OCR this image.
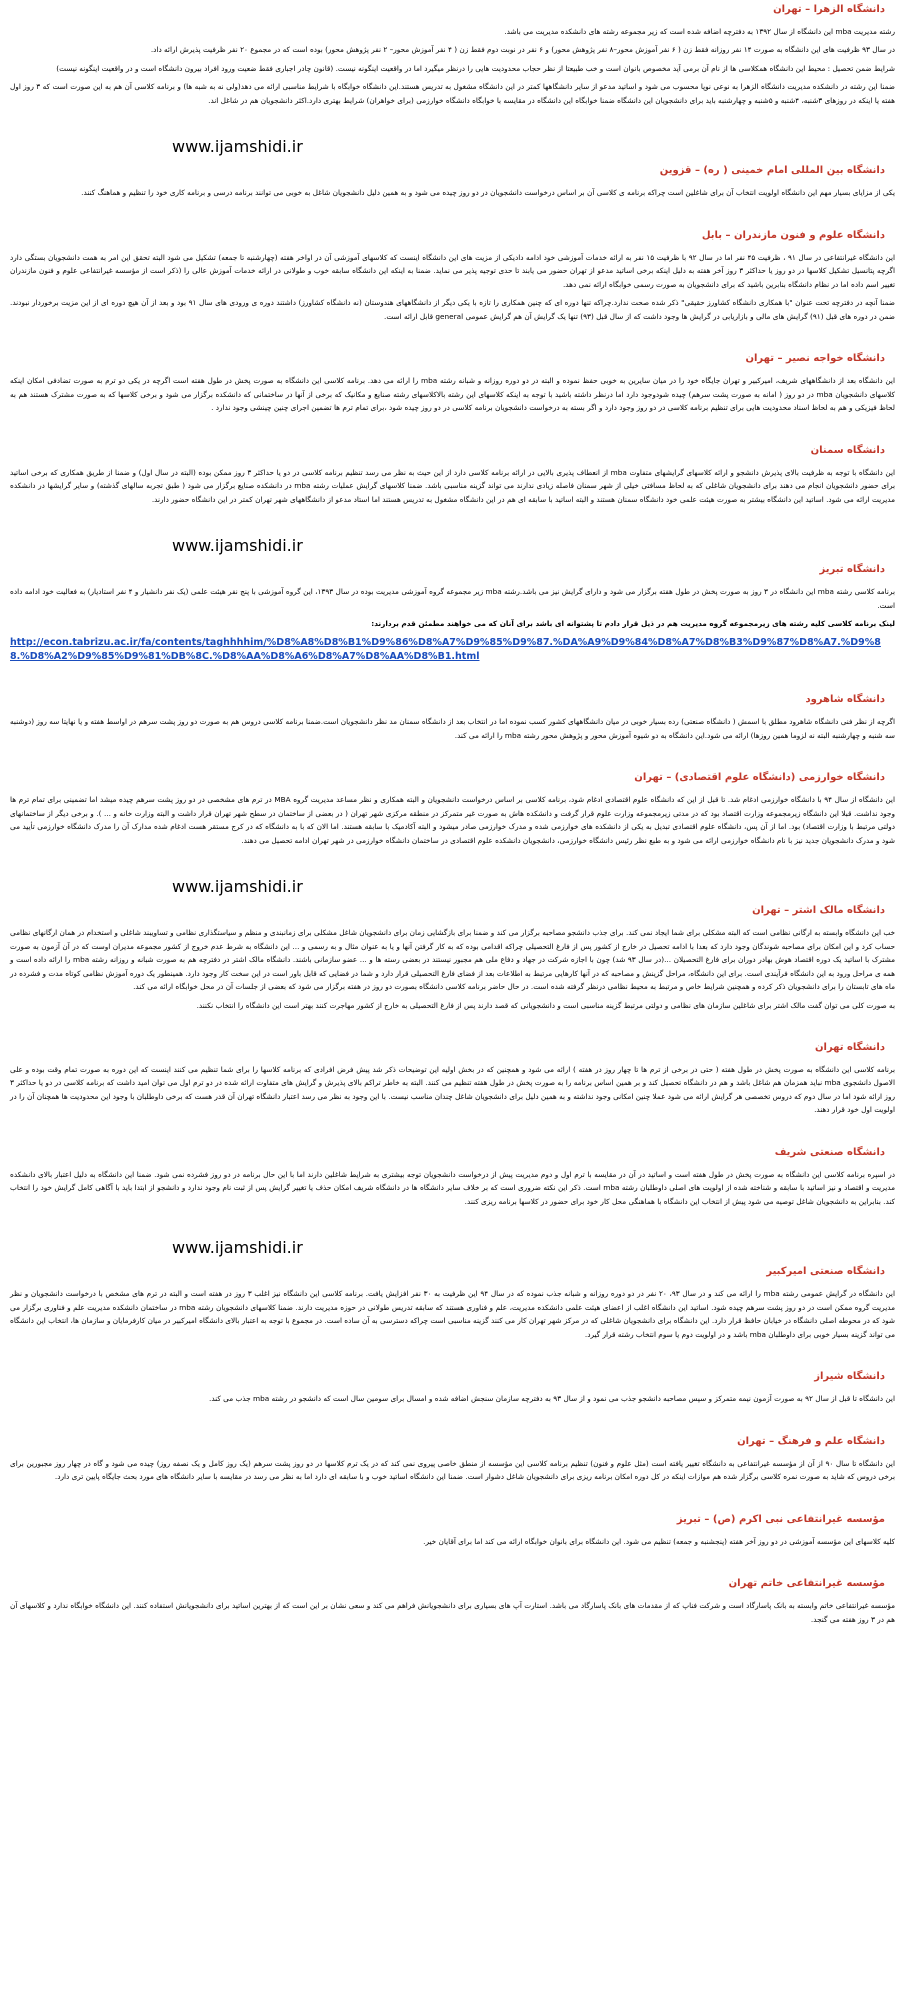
دانشگاه الزهرا – تهران

رشته مدیریت mba این دانشگاه از سال ۱۳۹۲ به دفترچه اضافه شده است که زیر مجموعه رشته های دانشکده مدیریت می باشد.

در سال ۹۳ ظرفیت های این دانشگاه به صورت ۱۴ نفر روزانه فقط زن ( ۶ نفر آموزش محور–۸ نفر پژوهش محور) و ۶ نفر در نوبت دوم فقط زن ( ۴ نفر آموزش محور– ۲ نفر پژوهش محور) بوده است که در مجموع ۲۰ نفر ظرفیت پذیرش ارائه داد.

شرایط ضمن تحصیل : محیط این دانشگاه همکلاسی ها از نام آن برمی آید مخصوص بانوان است و خب طبیعتا از نظر حجاب محدودیت هایی را درنظر میگیرد اما در واقعیت اینگونه نیست. (قانون چادر اجباری فقط ضعیت ورود افراد بیرون دانشگاه است و در واقعیت اینگونه نیست)

ضمنا این رشته در دانشکده مدیریت دانشگاه الزهرا به نوعی نوپا محسوب می شود و اساتید مدعو از سایر دانشگاهها کمتر در این دانشگاه مشغول به تدریس هستند.این دانشگاه خوابگاه با شرایط مناسبی ارائه می دهد(ولی نه به شبه ها) و برنامه کلاسی آن هم به این صورت است که ۳ روز اول هفته یا اینکه در روزهای ۳شنبه، ۴شنبه و ۵شنبه و چهارشنبه باید برای دانشجویان این دانشگاه ضمنا خوابگاه این دانشگاه در مقایسه با خوابگاه دانشگاه خوارزمی (برای خواهران) شرایط بهتری دارد.اکثر دانشجویان هم در شاغل اند.

www.ijamshidi.ir
دانشگاه بین المللی امام خمینی ( ره) – قزوین

یکی از مزایای بسیار مهم این دانشگاه اولویت انتخاب آن برای شاغلین است چراکه برنامه ی کلاسی آن بر اساس درخواست دانشجویان در دو روز چیده می شود و به همین دلیل دانشجویان شاغل به خوبی می توانند برنامه درسی و برنامه کاری خود را تنظیم و هماهنگ کنند.

دانشگاه علوم و فنون مازندران – بابل

این دانشگاه غیرانتفاعی در سال ۹۱ ، ظرفیت ۴۵ نفر اما در سال ۹۲ با ظرفیت ۱۵ نفر به ارائه خدمات آموزشی خود ادامه دادیکی از مزیت های این دانشگاه اینست که کلاسهای آموزشی آن در اواخر هفته (چهارشنبه تا جمعه) تشکیل می شود البته تحقق این امر به همت دانشجویان بستگی دارد اگرچه پتانسیل تشکیل کلاسها در دو روز یا حداکثر ۳ روز آخر هفته به دلیل اینکه برخی اساتید مدعو از تهران حضور می یابند تا حدی توجیه پذیر می نماید. ضمنا به اینکه این دانشگاه سابقه خوب و طولانی در ارائه خدمات آموزش عالی را (ذکر است از مؤسسه غیرانتفاعی علوم و فنون مازندران تغییر اسم داده اما در نظام دانشگاه بنابرین باشید که برای دانشجویان به صورت رسمی خوابگاه ارائه نمی دهد.

ضمنا آنچه در دفترچه تحت عنوان "با همکاری دانشگاه کشاورز حقیقی" ذکر شده صحت ندارد.چراکه تنها دوره ای که چنین همکاری را تازه با یکی دیگر از دانشگاههای هندوستان (نه دانشگاه کشاورز) داشتند دوره ی ورودی های سال ۹۱ بود و بعد از آن هیچ دوره ای از این مزیت برخوردار نبودند. ضمن در دوره های قبل (۹۱) گرایش های مالی و بازاریابی در گرایش ها وجود داشت که از سال قبل (۹۳) تنها یک گرایش آن هم گرایش عمومی general قابل ارائه است.

دانشگاه خواجه نصیر – تهران

این دانشگاه بعد از دانشگاههای شریف، امیرکبیر و تهران جایگاه خود را در میان سایرین به خوبی حفظ نموده و البته در دو دوره روزانه و شبانه رشته mba را ارائه می دهد. برنامه کلاسی این دانشگاه به صورت پخش در طول هفته است اگرچه در یکی دو ترم به صورت تضادفی امکان اینکه کلاسهای دانشجویان mba در دو روز ( امانه به صورت پشت سرهم) چیده شودوجود دارد اما درنظر داشته باشید با توجه به اینکه کلاسهای این رشته بالاکلاسهای رشته صنایع و مکانیک که برخی از آنها در ساختمانی که دانشکده برگزار می شود و برخی کلاسها که به صورت مشترک هستند هم به لحاظ فیزیکی و هم به لحاظ اسناد محدودیت هایی برای تنظیم برنامه کلاسی در دو روز وجود دارد و اگر بسته به درخواست دانشجویان برنامه کلاسی در دو روز چیده شود ،برای تمام ترم ها تضمین اجرای چنین چینشی وجود ندارد .

دانشگاه سمنان

این دانشگاه با توجه به ظرفیت بالای پذیرش دانشجو و ارائه کلاسهای گرایشهای متفاوت mba از انعطاف پذیری بالایی در ارائه برنامه کلاسی دارد از این حیث به نظر می رسد تنظیم برنامه کلاسی در دو یا حداکثر ۳ روز ممکن بوده (البته در سال اول) و ضمنا از طریق همکاری که برخی اساتید برای حضور دانشجویان انجام می دهند برای دانشجویان شاغلی که به لحاظ مسافتی خیلی از شهر سمنان فاصله زیادی ندارند می تواند گزینه مناسبی باشد. ضمنا کلاسهای گرایش عملیات رشته mba در دانشکده صنایع برگزار می شود ( طبق تجربه سالهای گذشته) و سایر گرایشها در دانشکده مدیریت ارائه می شود. اساتید این دانشگاه بیشتر به صورت هیئت علمی خود دانشگاه سمنان هستند و البته اساتید با سابقه ای هم در این دانشگاه مشغول به تدریس هستند اما استاد مدعو از دانشگاههای شهر تهران کمتر در این دانشگاه حضور دارند.

www.ijamshidi.ir
دانشگاه تبریز

برنامه کلاسی رشته mba این دانشگاه در ۳ روز به صورت پخش در طول هفته برگزار می شود و دارای گرایش نیز می باشد.رشته mba زیر مجموعه گروه آموزشی مدیریت بوده در سال ۱۳۹۳، این گروه آموزشی با پنج نفر هیئت علمی (یک نفر دانشیار و ۴ نفر استادیار) به فعالیت خود ادامه داده است.

لینک برنامه کلاسی کلیه رشته های زیرمجموعه گروه مدیریت هم در ذیل قرار دادم تا پشتوانه ای باشد برای آنان که می خواهند مطمئن قدم بردارند:

http://econ.tabrizu.ac.ir/fa/contents/taghhhhim/%D8%A8%D8%B1%D9%86%D8%A7%D9%85%D9%87.%DA%A9%D9%84%D8%A7%D8%B3%D9%87%D8%A7.%D9%88.%D8%A2%D9%85%D9%81%DB%8C.%D8%AA%D8%A6%D8%A7%D8%AA%D8%B1.html
دانشگاه شاهرود

اگرچه از نظر فنی دانشگاه شاهرود مطلق با اسمش ( دانشگاه صنعتی) رده بسیار خوبی در میان دانشگاههای کشور کسب نموده اما در انتخاب بعد از دانشگاه سمنان مد نظر دانشجویان است.ضمنا برنامه کلاسی دروس هم به صورت دو روز پشت سرهم در اواسط هفته و یا نهایتا سه روز (دوشنبه سه شنبه و چهارشنبه البته نه لزوما همین روزها) ارائه می شود.این دانشگاه به دو شیوه آموزش محور و پژوهش محور رشته mba را ارائه می کند.

دانشگاه خوارزمی (دانشگاه علوم اقتصادی) – تهران

این دانشگاه از سال ۹۴ با دانشگاه خوارزمی ادغام شد. تا قبل از این که دانشگاه علوم اقتصادی ادغام شود، برنامه کلاسی بر اساس درخواست دانشجویان و البته همکاری و نظر مساعد مدیریت گروه MBA در ترم های مشخصی در دو روز پشت سرهم چیده میشد اما تضمینی برای تمام ترم ها وجود نداشت. قبلا این دانشگاه زیرمجموعه وزارت اقتصاد بود که در مدتی زیرمجموعه وزارت علوم قرار گرفت و دانشکده هاش به صورت غیر متمرکز در منطقه مرکزی شهر تهران ( در بعضی از ساختمان در سطح شهر تهران قرار داشت و البته وزارت خانه و ... ). و برخی دیگر از ساختمانهای دولتی مرتبط با وزارت اقتصاد) بود. اما از آن پس، دانشگاه علوم اقتصادی تبدیل به یکی از دانشکده های خوارزمی شده و مدرک خوارزمی صادر میشود و البته آکادمیک با سابقه هستند. اما الان که با به دانشگاه که در کرج مستقر هست ادغام شده مدارک آن را مدرک دانشگاه خوارزمی تأیید می شود و مدرک دانشجویان جدید نیز با نام دانشگاه خوارزمی ارائه می شود و به طبع نظر رئیس دانشگاه خوارزمی، دانشجویان دانشکده علوم اقتصادی در ساختمان دانشگاه خوارزمی در شهر تهران ادامه تحصیل می دهند.

www.ijamshidi.ir
دانشگاه مالک اشتر – تهران

خب این دانشگاه وابسته به ارگانی نظامی است که البته مشکلی برای شما ایجاد نمی کند. برای جذب دانشجو مصاحبه برگزار می کند و ضمنا برای بازگشایی زمان برای دانشجویان شاغل مشکلی برای زمانبندی و منظم و سیاستگذاری نظامی و تساویبند شاغلی و استخدام در همان ارگانهای نظامی حساب کرد و این امکان برای مصاحبه شوندگان وجود دارد که بعدا با ادامه تحصیل در خارج از کشور پس از فارغ التحصیلی چراکه اقدامی بوده که به کار گرفتن آنها و یا به عنوان مثال و به رسمی و ... این دانشگاه به شرط عدم خروج از کشور مجموعه مدیران اوست که در آن آزمون به صورت مشترک با اساتید یک دوره اقتصاد هوش بهادر دوران برای فارغ التحصیلان ...(در سال ۹۳ شد) چون با اجازه شرکت در جهاد و دفاع ملی هم مجبور نیستند در بعضی رسته ها و ... عضو سازمانی باشند. دانشگاه مالک اشتر در دفترچه هم به صورت شبانه و روزانه رشته mba را ارائه داده است و همه ی مراحل ورود به این دانشگاه فرآیندی است. برای این دانشگاه، مراحل گزینش و مصاحبه که در آنها کارهایی مرتبط به اطلاعات بعد از فضای فارغ التحصیلی قرار دارد و شما در فضایی که قابل باور است در این سخت کار وجود دارد. همینطور یک دوره آموزش نظامی کوتاه مدت و فشرده در ماه های تابستان را برای دانشجویان ذکر کرده و همچنین شرایط خاص و مرتبط به محیط نظامی درنظر گرفته شده است. در حال حاضر برنامه کلاسی دانشگاه بصورت دو روز در هفته برگزار می شود که بعضی از جلسات آن در محل خوابگاه ارائه می کند.

به صورت کلی می توان گفت مالک اشتر برای شاغلین سازمان های نظامی و دولتی مرتبط گزینه مناسبی است و دانشجویانی که قصد دارند پس از فارغ التحصیلی به خارج از کشور مهاجرت کنند بهتر است این دانشگاه را انتخاب نکنند.

دانشگاه تهران

برنامه کلاسی این دانشگاه به صورت پخش در طول هفته ( حتی در برخی از ترم ها تا چهار روز در هفته ) ارائه می شود و همچنین که در بخش اولیه این توضیحات ذکر شد پیش فرض افرادی که برنامه کلاسها را برای شما تنظیم می کنند اینست که این دوره به صورت تمام وقت بوده و علی الاصول دانشجوی mba نباید همزمان هم شاغل باشد و هم در دانشگاه تحصیل کند و بر همین اساس برنامه را به صورت پخش در طول هفته تنظیم می کنند. البته به خاطر تراکم بالای پذیرش و گرایش های متفاوت ارائه شده در دو ترم اول می توان امید داشت که برنامه کلاسی در دو یا حداکثر ۳ روز ارائه شود اما در سال دوم که دروس تخصصی هر گرایش ارائه می شود عملا چنین امکانی وجود نداشته و به همین دلیل برای دانشجویان شاغل چندان مناسب نیست. با این وجود به نظر می رسد اعتبار دانشگاه تهران آن قدر هست که برخی داوطلبان با وجود این محدودیت ها همچنان آن را در اولویت اول خود قرار دهند.

دانشگاه صنعتی شریف

در اسپره برنامه کلاسی این دانشگاه به صورت پخش در طول هفته است و اساتید در آن در مقایسه با ترم اول و دوم مدیریت پیش از درخواست دانشجویان توجه بیشتری به شرایط شاغلین دارند اما با این حال برنامه در دو روز فشرده نمی شود. ضمنا این دانشگاه به دلیل اعتبار بالای دانشکده مدیریت و اقتصاد و نیز اساتید با سابقه و شناخته شده از اولویت های اصلی داوطلبان رشته mba است. ذکر این نکته ضروری است که بر خلاف سایر دانشگاه ها در دانشگاه شریف امکان حذف یا تغییر گرایش پس از ثبت نام وجود ندارد و دانشجو از ابتدا باید با آگاهی کامل گرایش خود را انتخاب کند. بنابراین به دانشجویان شاغل توصیه می شود پیش از انتخاب این دانشگاه با هماهنگی محل کار خود برای حضور در کلاسها برنامه ریزی کنند.

www.ijamshidi.ir
دانشگاه صنعتی امیرکبیر

این دانشگاه در گرایش عمومی رشته mba را ارائه می کند و در سال ۹۳، ۲۰ نفر در دو دوره روزانه و شبانه جذب نموده که در سال ۹۴ این ظرفیت به ۳۰ نفر افزایش یافت. برنامه کلاسی این دانشگاه نیز اغلب ۳ روز در هفته است و البته در ترم های مشخص با درخواست دانشجویان و نظر مدیریت گروه ممکن است در دو روز پشت سرهم چیده شود. اساتید این دانشگاه اغلب از اعضای هیئت علمی دانشکده مدیریت، علم و فناوری هستند که سابقه تدریس طولانی در حوزه مدیریت دارند. ضمنا کلاسهای دانشجویان رشته mba در ساختمان دانشکده مدیریت علم و فناوری برگزار می شود که در محوطه اصلی دانشگاه در خیابان حافظ قرار دارد. این دانشگاه برای دانشجویان شاغلی که در مرکز شهر تهران کار می کنند گزینه مناسبی است چراکه دسترسی به آن ساده است. در مجموع با توجه به اعتبار بالای دانشگاه امیرکبیر در میان کارفرمایان و سازمان ها، انتخاب این دانشگاه می تواند گزینه بسیار خوبی برای داوطلبان mba باشد و در اولویت دوم یا سوم انتخاب رشته قرار گیرد.

دانشگاه شیراز

این دانشگاه تا قبل از سال ۹۲ به صورت آزمون نیمه متمرکز و سپس مصاحبه دانشجو جذب می نمود و از سال ۹۳ به دفترچه سازمان سنجش اضافه شده و امسال برای سومین سال است که دانشجو در رشته mba جذب می کند.

دانشگاه علم و فرهنگ – تهران

این دانشگاه تا سال ۹۰ از آن از مؤسسه غیرانتفاعی به دانشگاه تغییر یافته است (مثل علوم و فنون) تنظیم برنامه کلاسی این مؤسسه از منطق خاصی پیروی نمی کند که در یک ترم کلاسها در دو روز پشت سرهم (یک روز کامل و یک نصفه روز) چیده می شود و گاه در چهار روز مجبورین برای برخی دروس که شاید به صورت نمره کلاسی برگزار شده هم موازات اینکه در کل دوره امکان برنامه ریزی برای دانشجویان شاغل دشوار است. ضمنا این دانشگاه اساتید خوب و با سابقه ای دارد اما به نظر می رسد در مقایسه با سایر دانشگاه های مورد بحث جایگاه پایین تری دارد.

مؤسسه غیرانتفاعی نبی اکرم (ص) – تبریز

کلیه کلاسهای این مؤسسه آموزشی در دو روز آخر هفته (پنجشنبه و جمعه) تنظیم می شود. این دانشگاه برای بانوان خوابگاه ارائه می کند اما برای آقایان خیر.

مؤسسه غیرانتفاعی خاتم تهران

مؤسسه غیرانتفاعی خاتم وابسته به بانک پاسارگاد است و شرکت فناپ که از مقدمات های بانک پاسارگاد می باشد. استارت آپ های بسیاری برای دانشجویانش فراهم می کند و سعی نشان بر این است که از بهترین اساتید برای دانشجویانش استفاده کنند. این دانشگاه خوابگاه ندارد و کلاسهای آن هم در ۳ روز هفته می گنجد.
